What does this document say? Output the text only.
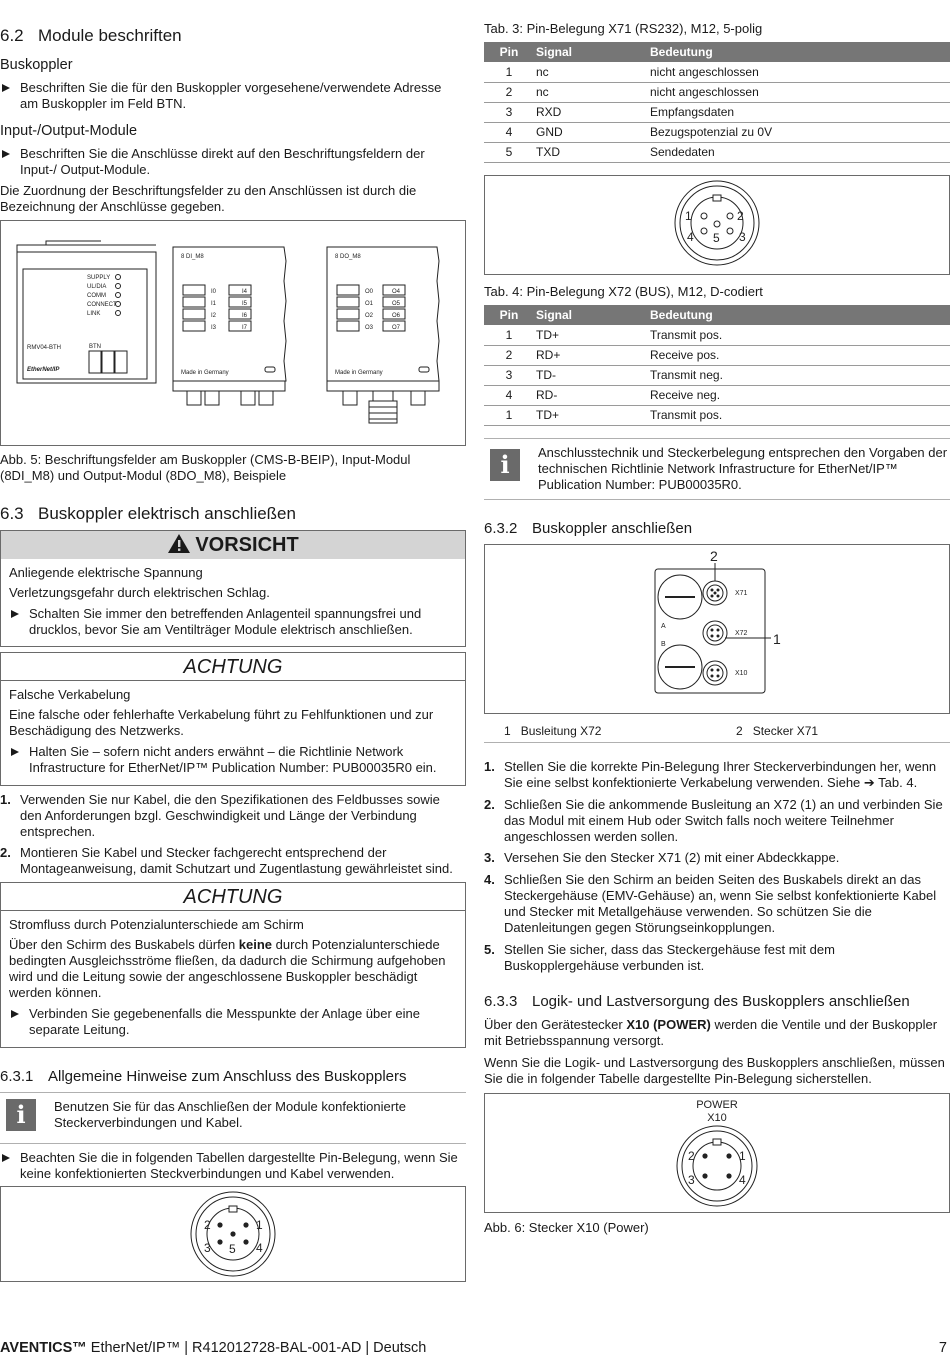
6.2 Module beschriften
Buskoppler

Beschriften Sie die für den Buskoppler vorgesehene/verwendete Adresse am Buskoppler im Feld BTN.

Input-/Output-Module

Beschriften Sie die Anschlüsse direkt auf den Beschriftungsfeldern der Input-/ Output-Module.

Die Zuordnung der Beschriftungsfelder zu den Anschlüssen ist durch die Bezeichnung der Anschlüsse gegeben.

SUPPLY
UL/DIA
COMM
CONNECT
LINK
RMV04-BTH	BTN
EtherNet/IP
8 DI_M8
I0
I1
I2
I3
I4
I5
I6
I7
Made in Germany
8 DO_M8
O0
O1
O2
O3
O4
O5
O6
O7
Made in Germany

Abb. 5: Beschriftungsfelder am Buskoppler (CMS-B-BEIP), Input-Modul (8DI_M8) und Output-Modul (8DO_M8), Beispiele

6.3 Buskoppler elektrisch anschließen
VORSICHT

Anliegende elektrische Spannung

Verletzungsgefahr durch elektrischen Schlag.

Schalten Sie immer den betreffenden Anlagenteil spannungsfrei und drucklos, bevor Sie am Ventilträger Module elektrisch anschließen.

ACHTUNG

Falsche Verkabelung

Eine falsche oder fehlerhafte Verkabelung führt zu Fehlfunktionen und zur Beschädigung des Netzwerks.

Halten Sie – sofern nicht anders erwähnt – die Richtlinie Network Infrastructure for EtherNet/IP™ Publication Number: PUB00035R0 ein.

1. Verwenden Sie nur Kabel, die den Spezifikationen des Feldbusses sowie den Anforderungen bzgl. Geschwindigkeit und Länge der Verbindung entsprechen.
2. Montieren Sie Kabel und Stecker fachgerecht entsprechend der Montageanweisung, damit Schutzart und Zugentlastung gewährleistet sind.
ACHTUNG

Stromfluss durch Potenzialunterschiede am Schirm

Über den Schirm des Buskabels dürfen keine durch Potenzialunterschiede bedingten Ausgleichsströme fließen, da dadurch die Schirmung aufgehoben wird und die Leitung sowie der angeschlossene Buskoppler beschädigt werden können.

Verbinden Sie gegebenenfalls die Messpunkte der Anlage über eine separate Leitung.

6.3.1 Allgemeine Hinweise zum Anschluss des Buskopplers
i	Benutzen Sie für das Anschließen der Module konfektionierte Steckerverbindungen und Kabel.

Beachten Sie die in folgenden Tabellen dargestellte Pin-Belegung, wenn Sie keine konfektionierten Steckverbindungen und Kabel verwenden.

2	1
3 5 4

Tab. 3: Pin-Belegung X71 (RS232), M12, 5-polig

Pin	Signal	Bedeutung
1	nc	nicht angeschlossen
2	nc	nicht angeschlossen
3	RXD	Empfangsdaten
4	GND	Bezugspotenzial zu 0V
5	TXD	Sendedaten
1	2
4 5 3

Tab. 4: Pin-Belegung X72 (BUS), M12, D-codiert

Pin	Signal	Bedeutung
1	TD+	Transmit pos.
2	RD+	Receive pos.
3	TD-	Transmit neg.
4	RD-	Receive neg.
1	TD+	Transmit pos.
i	Anschlusstechnik und Steckerbelegung entsprechen den Vorgaben der technischen Richtlinie Network Infrastructure for EtherNet/IP™ Publication Number: PUB00035R0.

6.3.2 Buskoppler anschließen
X71
X72
X10
A
B
2
1
1 Busleitung X72	2 Stecker X71
1. Stellen Sie die korrekte Pin-Belegung Ihrer Steckerverbindungen her, wenn Sie eine selbst konfektionierte Verkabelung verwenden. Siehe ➔ Tab. 4.
2. Schließen Sie die ankommende Busleitung an X72 (1) an und verbinden Sie das Modul mit einem Hub oder Switch falls noch weitere Teilnehmer angeschlossen werden sollen.
3. Versehen Sie den Stecker X71 (2) mit einer Abdeckkappe.
4. Schließen Sie den Schirm an beiden Seiten des Buskabels direkt an das Steckergehäuse (EMV-Gehäuse) an, wenn Sie selbst konfektionierte Kabel und Stecker mit Metallgehäuse verwenden. So schützen Sie die Datenleitungen gegen Störungseinkopplungen.
5. Stellen Sie sicher, dass das Steckergehäuse fest mit dem Buskopplergehäuse verbunden ist.
6.3.3 Logik- und Lastversorgung des Buskopplers anschließen

Über den Gerätestecker X10 (POWER) werden die Ventile und der Buskoppler mit Betriebsspannung versorgt.

Wenn Sie die Logik- und Lastversorgung des Buskopplers anschließen, müssen Sie die in folgender Tabelle dargestellte Pin-Belegung sicherstellen.

POWER
X10
2	1
3	4

Abb. 6: Stecker X10 (Power)

AVENTICS™ EtherNet/IP™ | R412012728-BAL-001-AD | Deutsch	7
